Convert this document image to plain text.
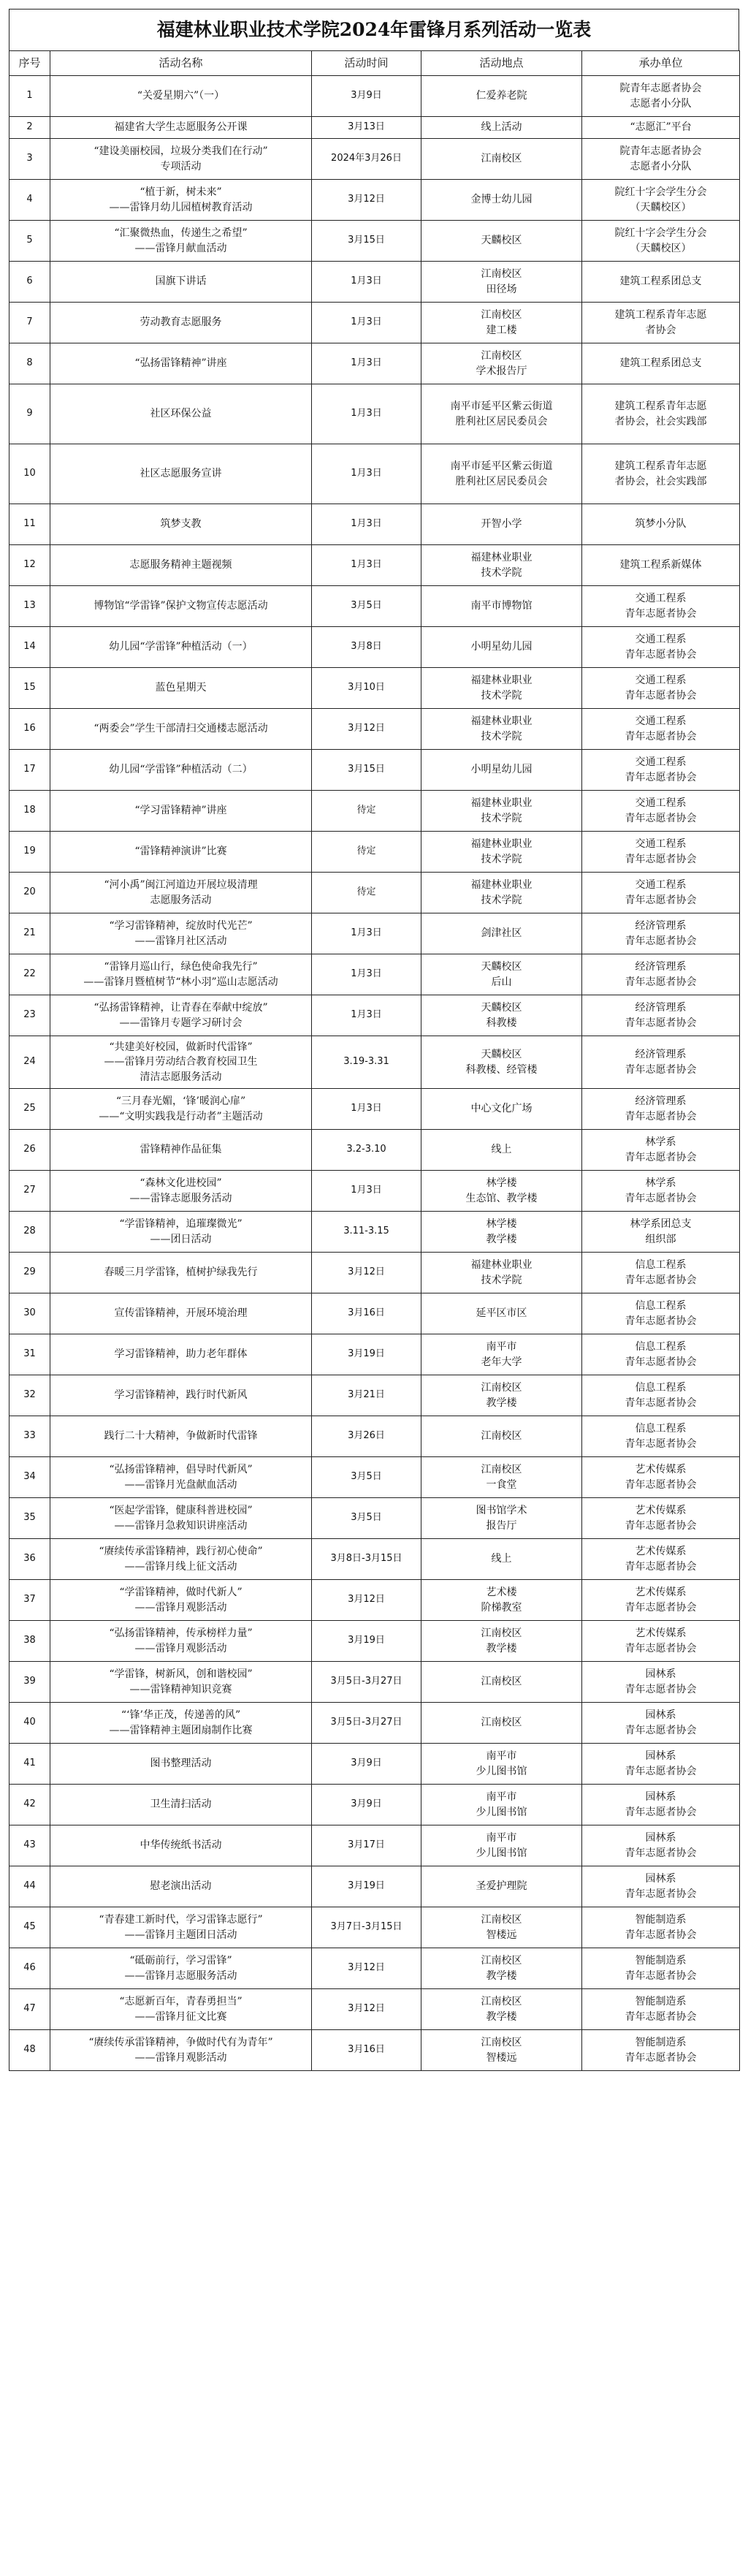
福建林业职业技术学院2024年雷锋月系列活动一览表
序号	活动名称	活动时间	活动地点	承办单位
1	“关爱星期六”（一）	3月9日	仁爱养老院	院青年志愿者协会
志愿者小分队
2	福建省大学生志愿服务公开课	3月13日	线上活动	“志愿汇”平台
3	“建设美丽校园，垃圾分类我们在行动”
专项活动	2024年3月26日	江南校区	院青年志愿者协会
志愿者小分队
4	“植于新，树未来”
——雷锋月幼儿园植树教育活动	3月12日	金博士幼儿园	院红十字会学生分会
（天麟校区）
5	“汇聚微热血，传递生之希望”
——雷锋月献血活动	3月15日	天麟校区	院红十字会学生分会
（天麟校区）
6	国旗下讲话	1月3日	江南校区
田径场	建筑工程系团总支
7	劳动教育志愿服务	1月3日	江南校区
建工楼	建筑工程系青年志愿
者协会
8	“弘扬雷锋精神”讲座	1月3日	江南校区
学术报告厅	建筑工程系团总支
9	社区环保公益	1月3日	南平市延平区紫云街道
胜利社区居民委员会	建筑工程系青年志愿
者协会，社会实践部
10	社区志愿服务宣讲	1月3日	南平市延平区紫云街道
胜利社区居民委员会	建筑工程系青年志愿
者协会，社会实践部
11	筑梦支教	1月3日	开智小学	筑梦小分队
12	志愿服务精神主题视频	1月3日	福建林业职业
技术学院	建筑工程系新媒体
13	博物馆“学雷锋”保护文物宣传志愿活动	3月5日	南平市博物馆	交通工程系
青年志愿者协会
14	幼儿园“学雷锋”种植活动（一）	3月8日	小明星幼儿园	交通工程系
青年志愿者协会
15	蓝色星期天	3月10日	福建林业职业
技术学院	交通工程系
青年志愿者协会
16	“两委会”学生干部清扫交通楼志愿活动	3月12日	福建林业职业
技术学院	交通工程系
青年志愿者协会
17	幼儿园“学雷锋”种植活动（二）	3月15日	小明星幼儿园	交通工程系
青年志愿者协会
18	“学习雷锋精神”讲座	待定	福建林业职业
技术学院	交通工程系
青年志愿者协会
19	“雷锋精神演讲”比赛	待定	福建林业职业
技术学院	交通工程系
青年志愿者协会
20	“河小禹”闽江河道边开展垃圾清理
志愿服务活动	待定	福建林业职业
技术学院	交通工程系
青年志愿者协会
21	“学习雷锋精神，绽放时代光芒”
——雷锋月社区活动	1月3日	剑津社区	经济管理系
青年志愿者协会
22	“雷锋月巡山行，绿色使命我先行”
——雷锋月暨植树节“林小羽”巡山志愿活动	1月3日	天麟校区
后山	经济管理系
青年志愿者协会
23	“弘扬雷锋精神，让青春在奉献中绽放”
——雷锋月专题学习研讨会	1月3日	天麟校区
科教楼	经济管理系
青年志愿者协会
24	“共建美好校园，做新时代雷锋”
——雷锋月劳动结合教育校园卫生
清洁志愿服务活动	3.19-3.31	天麟校区
科教楼、经管楼	经济管理系
青年志愿者协会
25	“三月春光媚，‘锋’暖润心扉”
——“文明实践我是行动者”主题活动	1月3日	中心文化广场	经济管理系
青年志愿者协会
26	雷锋精神作品征集	3.2-3.10	线上	林学系
青年志愿者协会
27	“森林文化进校园”
——雷锋志愿服务活动	1月3日	林学楼
生态馆、教学楼	林学系
青年志愿者协会
28	“学雷锋精神，追璀璨微光”
——团日活动	3.11-3.15	林学楼
教学楼	林学系团总支
组织部
29	春暖三月学雷锋，植树护绿我先行	3月12日	福建林业职业
技术学院	信息工程系
青年志愿者协会
30	宣传雷锋精神，开展环境治理	3月16日	延平区市区	信息工程系
青年志愿者协会
31	学习雷锋精神，助力老年群体	3月19日	南平市
老年大学	信息工程系
青年志愿者协会
32	学习雷锋精神，践行时代新风	3月21日	江南校区
教学楼	信息工程系
青年志愿者协会
33	践行二十大精神，争做新时代雷锋	3月26日	江南校区	信息工程系
青年志愿者协会
34	“弘扬雷锋精神，倡导时代新风”
——雷锋月光盘献血活动	3月5日	江南校区
一食堂	艺术传媒系
青年志愿者协会
35	“医起学雷锋，健康科普进校园”
——雷锋月急救知识讲座活动	3月5日	图书馆学术
报告厅	艺术传媒系
青年志愿者协会
36	“赓续传承雷锋精神，践行初心使命”
——雷锋月线上征文活动	3月8日-3月15日	线上	艺术传媒系
青年志愿者协会
37	“学雷锋精神，做时代新人”
——雷锋月观影活动	3月12日	艺术楼
阶梯教室	艺术传媒系
青年志愿者协会
38	“弘扬雷锋精神，传承榜样力量”
——雷锋月观影活动	3月19日	江南校区
教学楼	艺术传媒系
青年志愿者协会
39	“学雷锋，树新风，创和谐校园”
——雷锋精神知识竞赛	3月5日-3月27日	江南校区	园林系
青年志愿者协会
40	“‘锋’华正茂，传递善的风”
——雷锋精神主题团扇制作比赛	3月5日-3月27日	江南校区	园林系
青年志愿者协会
41	图书整理活动	3月9日	南平市
少儿图书馆	园林系
青年志愿者协会
42	卫生清扫活动	3月9日	南平市
少儿图书馆	园林系
青年志愿者协会
43	中华传统纸书活动	3月17日	南平市
少儿图书馆	园林系
青年志愿者协会
44	慰老演出活动	3月19日	圣爱护理院	园林系
青年志愿者协会
45	“青春建工新时代，学习雷锋志愿行”
——雷锋月主题团日活动	3月7日-3月15日	江南校区
智楼远	智能制造系
青年志愿者协会
46	“砥砺前行，学习雷锋”
——雷锋月志愿服务活动	3月12日	江南校区
教学楼	智能制造系
青年志愿者协会
47	“志愿新百年，青春勇担当”
——雷锋月征文比赛	3月12日	江南校区
教学楼	智能制造系
青年志愿者协会
48	“赓续传承雷锋精神，争做时代有为青年”
——雷锋月观影活动	3月16日	江南校区
智楼远	智能制造系
青年志愿者协会
